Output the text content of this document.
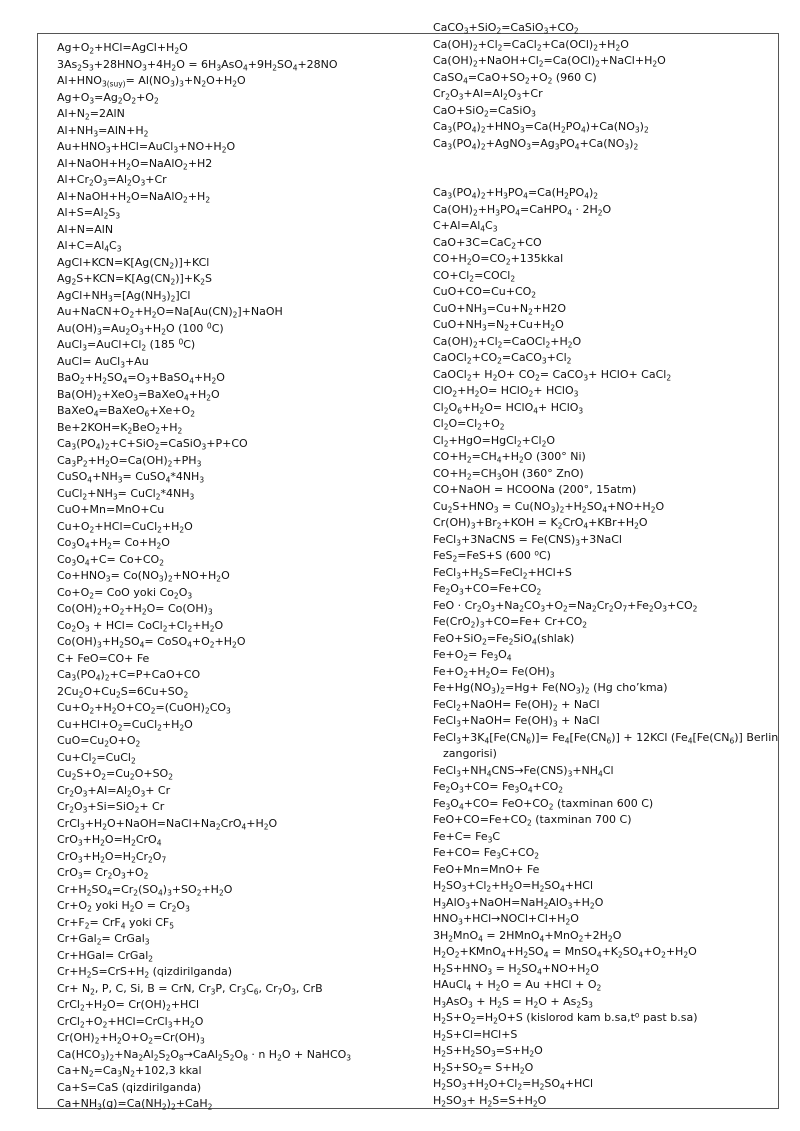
$Ag+O_2+HCl=AgCl+H_2O$
$3As_2S_3+28HNO_3+4H_2O = 6H_3AsO_4+9H_2SO_4+28NO$
$Al+HNO_{3(suy)}= Al(NO_3)_3+N_2O+H_2O$
$Ag+O_3=Ag_2O_2+O_2$
$Al+N_2=2AlN$
$Al+NH_3=AlN+H_2$
$Au+HNO_3+HCl=AuCl_3+NO+H_2O$
$Al+NaOH+H_2O=NaAlO_2+H2$
$Al+Cr_2O_3=Al_2O_3+Cr$
$Al+NaOH+H_2O=NaAlO_2+H_2$
$Al+S=Al_2S_3$
Al+N=AlN
$Al+C=Al_4C_3$
$AgCl+KCN=K[Ag(CN_2)]+KCl$
$Ag_2S+KCN=K[Ag(CN_2)]+K_2S$
$AgCl+NH_3=[Ag(NH_3)_2]Cl$
$Au+NaCN+O_2+H_2O=Na[Au(CN)_2]+NaOH$
$Au(OH)_3=Au_2O_3+H_2O$ (100 $^0$C)
$AuCl_3=AuCl+Cl_2$ (185 $^0$C)
AuCl= AuCl$_3$+Au
$BaO_2+H_2SO_4=O_3+BaSO_4+H_2O$
$Ba(OH)_2+XeO_3=BaXeO_4+H_2O$
$BaXeO_4=BaXeO_6+Xe+O_2$
$Be+2KOH=K_2BeO_2+H_2$
$Ca_3(PO_4)_2+C+SiO_2=CaSiO_3+P+CO$
$Ca_3P_2+H_2O=Ca(OH)_2+PH_3$
$CuSO_4+NH_3=$ $CuSO_4*4NH_3$
$CuCl_2+NH_3=$ $CuCl_2*4NH_3$
CuO+Mn=MnO+Cu
$Cu+O_2+HCl=CuCl_2+H_2O$
$Co_3O_4+H_2= Co+H_2O$
$Co_3O_4+C= Co+CO_2$
$Co+HNO_3= Co(NO_3)_2+NO+H_2O$
$Co+O_2=$ CoO yoki $Co_2O_3$
$Co(OH)_2+O_2+H_2O= Co(OH)_3$
$Co_2O_3 + HCl=$ $CoCl_2+Cl_2+H_2O$
$Co(OH)_3+H_2SO_4=$ $CoSO_4+O_2+H_2O$
C+ FeO=CO+ Fe
$Ca_3(PO_4)_2+C=P+CaO+CO$
$2Cu_2O+Cu_2S=6Cu+SO_2$
$Cu+O_2+H_2O+CO_2=(CuOH)_2CO_3$
$Cu+HCl+O_2=CuCl_2+H_2O$
$CuO=Cu_2O+O_2$
$Cu+Cl_2=CuCl_2$
$Cu_2S+O_2=Cu_2O+SO_2$
$Cr_2O_3+Al=Al_2O_3+ Cr$
$Cr_2O_3+Si=SiO_2+ Cr$
$CrCl_3+H_2O+NaOH=NaCl+Na_2CrO_4+H_2O$
$CrO_3+H_2O=H_2CrO_4$
$CrO_3+H_2O=H_2Cr_2O_7$
$CrO_3= Cr_2O_3+O_2$
$Cr+H_2SO_4=Cr_2(SO_4)_3+SO_2+H_2O$
$Cr+O_2$ yoki $H_2O = Cr_2O_3$
$Cr+F_2= CrF_4$ yoki $CF_5$
Cr+Gal$_2$= CrGal$_3$
Cr+HGal= CrGal$_2$
$Cr+H_2S=CrS+H_2$ (qizdirilganda)
$Cr+ N_2$, P, C, Si, B = CrN, $Cr_3P$, $Cr_3C_6$, $Cr_7O_3$, CrB
$CrCl_2+H_2O= Cr(OH)_2+HCl$
$CrCl_2+O_2+HCl=CrCl_3+H_2O$
$Cr(OH)_2+H_2O+O_2=Cr(OH)_3$
$Ca(HCO_3)_2+Na_2Al_2S_2O_8\to CaAl_2S_2O_8 \cdot n$ $H_2O$ + NaHCO$_3$
$Ca+N_2=Ca_3N_2+102,3$ kkal
Ca+S=CaS (qizdirilganda)
$Ca+NH_3(g)=Ca(NH_2)_2+CaH_2$
$CaCO_3+SiO_2=CaSiO_3+CO_2$
$Ca(OH)_2+Cl_2=CaCl_2+Ca(OCl)_2+H_2O$
$Ca(OH)_2+NaOH+Cl_2=Ca(OCl)_2+NaCl+H_2O$
$CaSO_4=CaO+SO_2+O_2$ (960 C)
$Cr_2O_3+Al=Al_2O_3+Cr$
CaO+SiO$_2$=CaSiO$_3$
$Ca_3(PO_4)_2+HNO_3=Ca(H_2PO_4)+Ca(NO_3)_2$
$Ca_3(PO_4)_2+AgNO_3=Ag_3PO_4+Ca(NO_3)_2$
$Ca_3(PO_4)_2+H_3PO_4=Ca(H_2PO_4)_2$
$Ca(OH)_2+H_3PO_4=CaHPO_4 \cdot 2H_2O$
$C+Al=Al_4C_3$
CaO+3C=CaC$_2$+CO
$CO+H_2O=CO_2+135kkal$
$CO+Cl_2=COCl_2$
$CuO+CO=Cu+CO_2$
$CuO+NH_3=Cu+N_2+H2O$
$CuO+NH_3=N_2+Cu+H_2O$
$Ca(OH)_2+Cl_2=CaOCl_2+H_2O$
$CaOCl_2+CO_2=CaCO_3+Cl_2$
CaOCl$_2$+ $H_2O+ CO_2=$ CaCO$_3$+ HClO+ CaCl$_2$
$ClO_2+H_2O=$ HClO$_2$+ HClO$_3$
$Cl_2O_6+H_2O=$ HClO$_4$+ HClO$_3$
$Cl_2O=Cl_2+O_2$
$Cl_2+HgO=HgCl_2+Cl_2O$
$CO+H_2=CH_4+H_2O$ (300° Ni)
$CO+H_2=CH_3OH$ (360° ZnO)
CO+NaOH = HCOONa (200°, 15atm)
$Cu_2S+HNO_3 = Cu(NO_3)_2+H_2SO_4+NO+H_2O$
$Cr(OH)_3+Br_2+KOH = K_2CrO_4+KBr+H_2O$
FeCl$_3$+3NaCNS = $Fe(CNS)_3+3NaCl$
FeS$_2$=FeS+S (600 $^o$C)
$FeCl_3+H_2S=FeCl_2+HCl+S$
$Fe_2O_3+CO=Fe+CO_2$
FeO · $Cr_2O_3+Na_2CO_3+O_2=Na_2Cr_2O_7+Fe_2O_3+CO_2$
$Fe(CrO_2)_3+CO=Fe+ Cr+CO_2$
$FeO+SiO_2=Fe_2SiO_4(shlak)$
$Fe+O_2= Fe_3O_4$
$Fe+O_2+H_2O= Fe(OH)_3$
$Fe+Hg(NO_3)_2=Hg+ Fe(NO_3)_2$ (Hg cho’kma)
FeCl$_2$+NaOH= $Fe(OH)_2$ + NaCl
FeCl$_3$+NaOH= $Fe(OH)_3$ + NaCl
$FeCl_3+3K_4[Fe(CN_6)]= Fe_4[Fe(CN_6)] + 12KCl$ ($Fe_4[Fe(CN_6)]$ Berlin
zangorisi)
$FeCl_3+NH_4CNS\to Fe(CNS)_3+NH_4Cl$
$Fe_2O_3+CO= Fe_3O_4+CO_2$
$Fe_3O_4+CO= FeO+CO_2$ (taxminan 600 C)
$FeO+CO=Fe+CO_2$ (taxminan 700 C)
$Fe+C= Fe_3C$
$Fe+CO= Fe_3C+CO_2$
FeO+Mn=MnO+ Fe
$H_2SO_3+Cl_2+H_2O=H_2SO_4+HCl$
$H_3AlO_3+NaOH=NaH_2AlO_3+H_2O$
$HNO_3+HCl\to NOCl+Cl+H_2O$
$3H_2MnO_4$ = $2HMnO_4+MnO_2+2H_2O$
$H_2O_2+KMnO_4+H_2SO_4$ = $MnSO_4+K_2SO_4+O_2+H_2O$
$H_2S+HNO_3 = H_2SO_4+NO+H_2O$
HAuCl$_4$ + $H_2O = Au +HCl + O_2$
$H_3AsO_3 + H_2S = H_2O + As_2S_3$
$H_2S+O_2=H_2O+S$ (kislorod kam $b.sa,t^o$ past b.sa)
$H_2S+Cl=HCl+S$
$H_2S+H_2SO_3=S+H_2O$
$H_2S+SO_2= S+H_2O$
$H_2SO_3+H_2O+Cl_2=H_2SO_4+HCl$
$H_2SO_3+ H_2S=S+H_2O$
